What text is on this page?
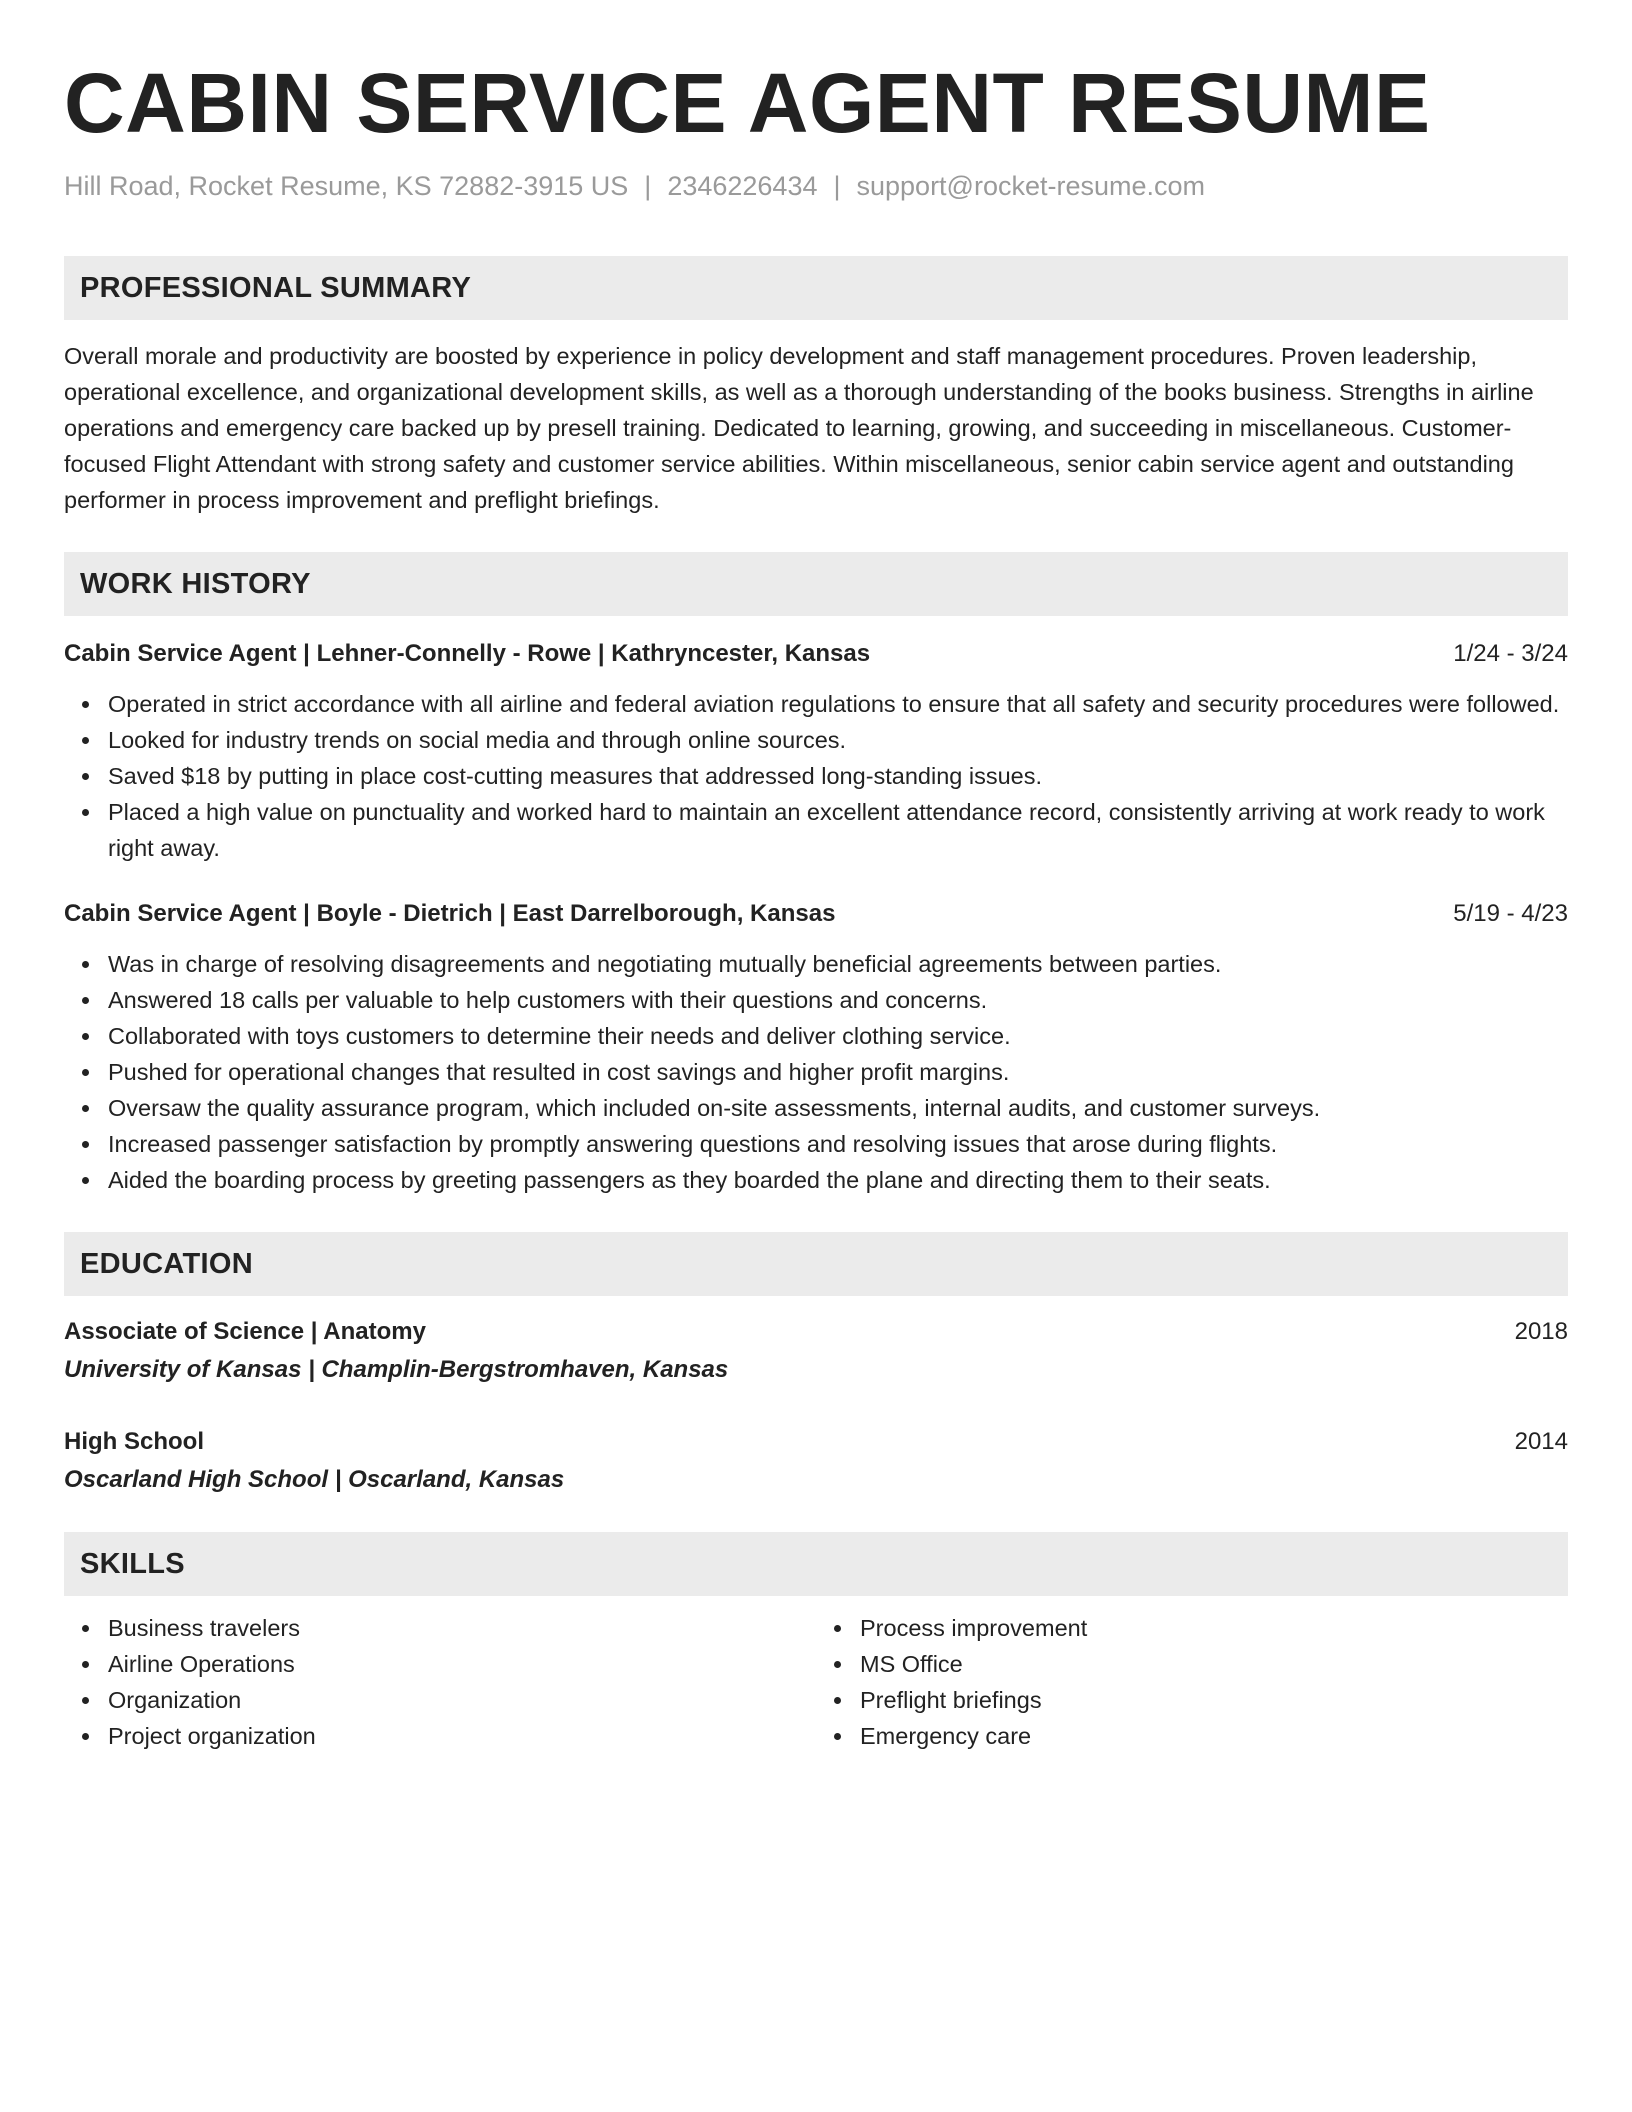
CABIN SERVICE AGENT RESUME
Hill Road, Rocket Resume, KS 72882-3915 US | 2346226434 | support@rocket-resume.com
PROFESSIONAL SUMMARY
Overall morale and productivity are boosted by experience in policy development and staff management procedures. Proven leadership, operational excellence, and organizational development skills, as well as a thorough understanding of the books business. Strengths in airline operations and emergency care backed up by presell training. Dedicated to learning, growing, and succeeding in miscellaneous. Customer-focused Flight Attendant with strong safety and customer service abilities. Within miscellaneous, senior cabin service agent and outstanding performer in process improvement and preflight briefings.
WORK HISTORY
Cabin Service Agent | Lehner-Connelly - Rowe | Kathryncester, Kansas	1/24 - 3/24
Operated in strict accordance with all airline and federal aviation regulations to ensure that all safety and security procedures were followed.
Looked for industry trends on social media and through online sources.
Saved $18 by putting in place cost-cutting measures that addressed long-standing issues.
Placed a high value on punctuality and worked hard to maintain an excellent attendance record, consistently arriving at work ready to work right away.
Cabin Service Agent | Boyle - Dietrich | East Darrelborough, Kansas	5/19 - 4/23
Was in charge of resolving disagreements and negotiating mutually beneficial agreements between parties.
Answered 18 calls per valuable to help customers with their questions and concerns.
Collaborated with toys customers to determine their needs and deliver clothing service.
Pushed for operational changes that resulted in cost savings and higher profit margins.
Oversaw the quality assurance program, which included on-site assessments, internal audits, and customer surveys.
Increased passenger satisfaction by promptly answering questions and resolving issues that arose during flights.
Aided the boarding process by greeting passengers as they boarded the plane and directing them to their seats.
EDUCATION
Associate of Science | Anatomy	2018
University of Kansas | Champlin-Bergstromhaven, Kansas
High School	2014
Oscarland High School | Oscarland, Kansas
SKILLS
Business travelers
Airline Operations
Organization
Project organization
Process improvement
MS Office
Preflight briefings
Emergency care
